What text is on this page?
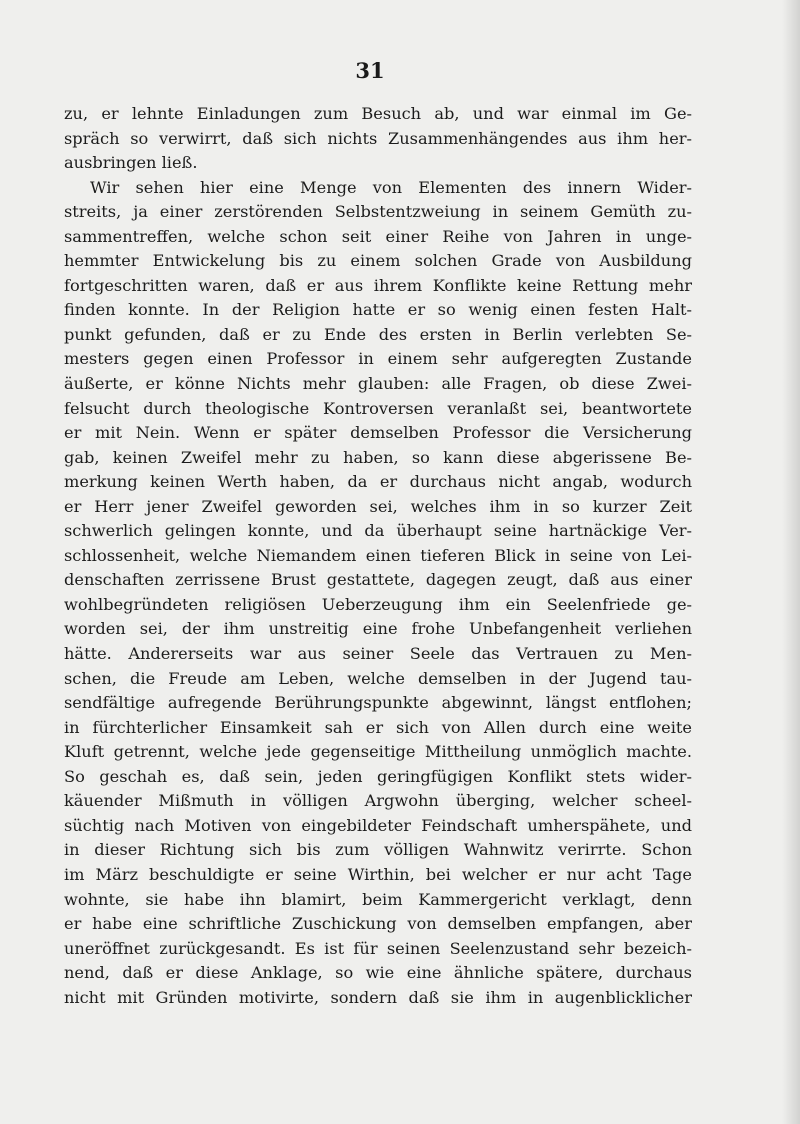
31
zu, er lehnte Einladungen zum Besuch ab, und war einmal im Ge-
spräch so verwirrt, daß sich nichts Zusammenhängendes aus ihm her-
ausbringen ließ.
Wir sehen hier eine Menge von Elementen des innern Wider-
streits, ja einer zerstörenden Selbstentzweiung in seinem Gemüth zu-
sammentreffen, welche schon seit einer Reihe von Jahren in unge-
hemmter Entwickelung bis zu einem solchen Grade von Ausbildung
fortgeschritten waren, daß er aus ihrem Konflikte keine Rettung mehr
finden konnte. In der Religion hatte er so wenig einen festen Halt-
punkt gefunden, daß er zu Ende des ersten in Berlin verlebten Se-
mesters gegen einen Professor in einem sehr aufgeregten Zustande
äußerte, er könne Nichts mehr glauben: alle Fragen, ob diese Zwei-
felsucht durch theologische Kontroversen veranlaßt sei, beantwortete
er mit Nein. Wenn er später demselben Professor die Versicherung
gab, keinen Zweifel mehr zu haben, so kann diese abgerissene Be-
merkung keinen Werth haben, da er durchaus nicht angab, wodurch
er Herr jener Zweifel geworden sei, welches ihm in so kurzer Zeit
schwerlich gelingen konnte, und da überhaupt seine hartnäckige Ver-
schlossenheit, welche Niemandem einen tieferen Blick in seine von Lei-
denschaften zerrissene Brust gestattete, dagegen zeugt, daß aus einer
wohlbegründeten religiösen Ueberzeugung ihm ein Seelenfriede ge-
worden sei, der ihm unstreitig eine frohe Unbefangenheit verliehen
hätte. Andererseits war aus seiner Seele das Vertrauen zu Men-
schen, die Freude am Leben, welche demselben in der Jugend tau-
sendfältige aufregende Berührungspunkte abgewinnt, längst entflohen;
in fürchterlicher Einsamkeit sah er sich von Allen durch eine weite
Kluft getrennt, welche jede gegenseitige Mittheilung unmöglich machte.
So geschah es, daß sein, jeden geringfügigen Konflikt stets wider-
käuender Mißmuth in völligen Argwohn überging, welcher scheel-
süchtig nach Motiven von eingebildeter Feindschaft umherspähete, und
in dieser Richtung sich bis zum völligen Wahnwitz verirrte. Schon
im März beschuldigte er seine Wirthin, bei welcher er nur acht Tage
wohnte, sie habe ihn blamirt, beim Kammergericht verklagt, denn
er habe eine schriftliche Zuschickung von demselben empfangen, aber
uneröffnet zurückgesandt. Es ist für seinen Seelenzustand sehr bezeich-
nend, daß er diese Anklage, so wie eine ähnliche spätere, durchaus
nicht mit Gründen motivirte, sondern daß sie ihm in augenblicklicher
